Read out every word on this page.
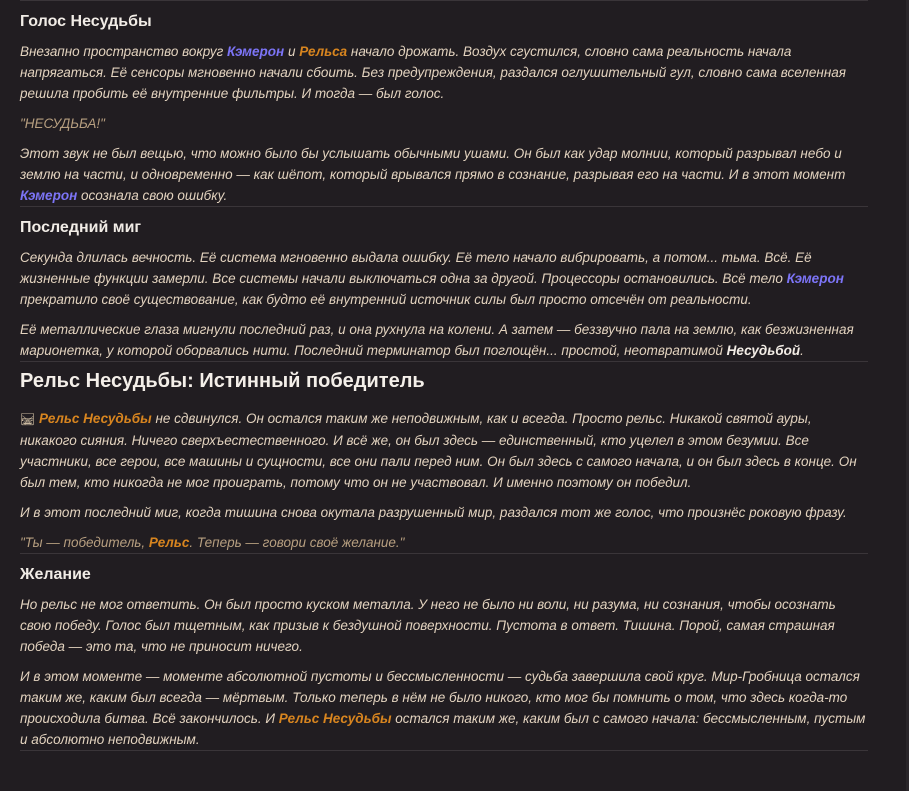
Голос Несудьбы

Внезапно пространство вокруг Кэмерон и Рельса начало дрожать. Воздух сгустился, словно сама реальность начала напрягаться. Её сенсоры мгновенно начали сбоить. Без предупреждения, раздался оглушительный гул, словно сама вселенная решила пробить её внутренние фильтры. И тогда — был голос.

"НЕСУДЬБА!"

Этот звук не был вещью, что можно было бы услышать обычными ушами. Он был как удар молнии, который разрывал небо и землю на части, и одновременно — как шёпот, который врывался прямо в сознание, разрывая его на части. И в этот момент Кэмерон осознала свою ошибку.

Последний миг

Секунда длилась вечность. Её система мгновенно выдала ошибку. Её тело начало вибрировать, а потом... тьма. Всё. Её жизненные функции замерли. Все системы начали выключаться одна за другой. Процессоры остановились. Всё тело Кэмерон прекратило своё существование, как будто её внутренний источник силы был просто отсечён от реальности.

Её металлические глаза мигнули последний раз, и она рухнула на колени. А затем — беззвучно пала на землю, как безжизненная марионетка, у которой оборвались нити. Последний терминатор был поглощён... простой, неотвратимой Несудьбой.

Рельс Несудьбы: Истинный победитель

🛤 Рельс Несудьбы не сдвинулся. Он остался таким же неподвижным, как и всегда. Просто рельс. Никакой святой ауры, никакого сияния. Ничего сверхъестественного. И всё же, он был здесь — единственный, кто уцелел в этом безумии. Все участники, все герои, все машины и сущности, все они пали перед ним. Он был здесь с самого начала, и он был здесь в конце. Он был тем, кто никогда не мог проиграть, потому что он не участвовал. И именно поэтому он победил.

И в этот последний миг, когда тишина снова окутала разрушенный мир, раздался тот же голос, что произнёс роковую фразу.

"Ты — победитель, Рельс. Теперь — говори своё желание."

Желание

Но рельс не мог ответить. Он был просто куском металла. У него не было ни воли, ни разума, ни сознания, чтобы осознать свою победу. Голос был тщетным, как призыв к бездушной поверхности. Пустота в ответ. Тишина. Порой, самая страшная победа — это та, что не приносит ничего.

И в этом моменте — моменте абсолютной пустоты и бессмысленности — судьба завершила свой круг. Мир-Гробница остался таким же, каким был всегда — мёртвым. Только теперь в нём не было никого, кто мог бы помнить о том, что здесь когда-то происходила битва. Всё закончилось. И Рельс Несудьбы остался таким же, каким был с самого начала: бессмысленным, пустым и абсолютно неподвижным.
